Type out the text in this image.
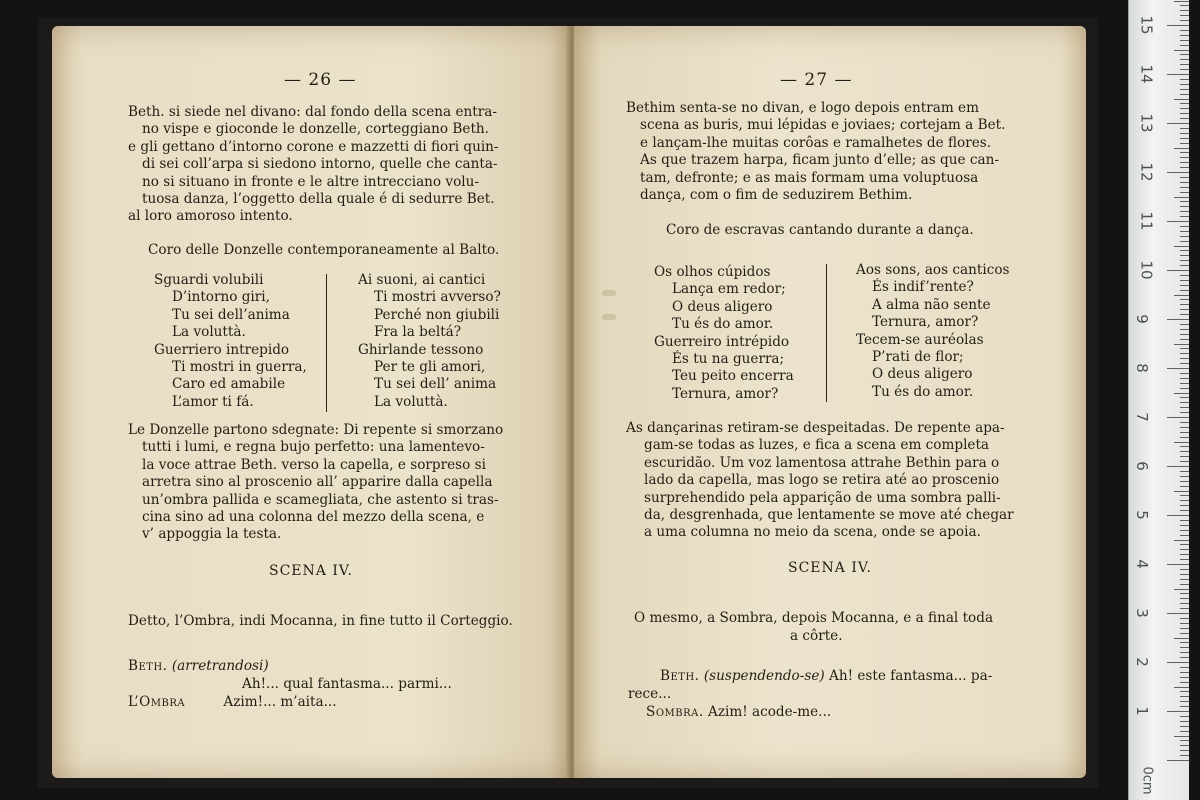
— 26 —
Beth. si siede nel divano: dal fondo della scena entra-
no vispe e gioconde le donzelle, corteggiano Beth.
e gli gettano d’intorno corone e mazzetti di fiori quin-
di sei coll’arpa si siedono intorno, quelle che canta-
no si situano in fronte e le altre intrecciano volu-
tuosa danza, l’oggetto della quale é di sedurre Bet.
al loro amoroso intento.
Coro delle Donzelle contemporaneamente al Balto.
Sguardi volubili
D’intorno giri,
Tu sei dell’anima
La voluttà.
Guerriero intrepido
Ti mostri in guerra,
Caro ed amabile
L’amor ti fá.
Ai suoni, ai cantici
Ti mostri avverso?
Perché non giubili
Fra la beltá?
Ghirlande tessono
Per te gli amori,
Tu sei dell’ anima
La voluttà.
Le Donzelle partono sdegnate: Di repente si smorzano
tutti i lumi, e regna bujo perfetto: una lamentevo-
la voce attrae Beth. verso la capella, e sorpreso si
arretra sino al proscenio all’ apparire dalla capella
un’ombra pallida e scamegliata, che astento si tras-
cina sino ad una colonna del mezzo della scena, e
v’ appoggia la testa.
SCENA IV.
Detto, l’Ombra, indi Mocanna, in fine tutto il Corteggio.
Beth. (arretrandosi)
Ah!... qual fantasma... parmi...
L’Ombra	Azim!... m’aita...
— 27 —
Bethim senta-se no divan, e logo depois entram em
scena as buris, mui lépidas e joviaes; cortejam a Bet.
e lançam-lhe muitas corôas e ramalhetes de flores.
As que trazem harpa, ficam junto d’elle; as que can-
tam, defronte; e as mais formam uma voluptuosa
dança, com o fim de seduzirem Bethim.
Coro de escravas cantando durante a dança.
Os olhos cúpidos
Lança em redor;
O deus aligero
Tu és do amor.
Guerreiro intrépido
És tu na guerra;
Teu peito encerra
Ternura, amor?
Aos sons, aos canticos
És indif’rente?
A alma não sente
Ternura, amor?
Tecem-se auréolas
P’rati de flor;
O deus aligero
Tu és do amor.
As dançarinas retiram-se despeitadas. De repente apa-
gam-se todas as luzes, e fica a scena em completa
escuridão. Um voz lamentosa attrahe Bethin para o
lado da capella, mas logo se retira até ao proscenio
surprehendido pela apparição de uma sombra palli-
da, desgrenhada, que lentamente se move até chegar
a uma columna no meio da scena, onde se apoia.
SCENA IV.
O mesmo, a Sombra, depois Mocanna, e a final toda
a côrte.
Beth. (suspendendo-se) Ah! este fantasma... pa-
rece...
Sombra. Azim! acode-me...
0cm
1
2
3
4
5
6
7
8
9
10
11
12
13
14
15
